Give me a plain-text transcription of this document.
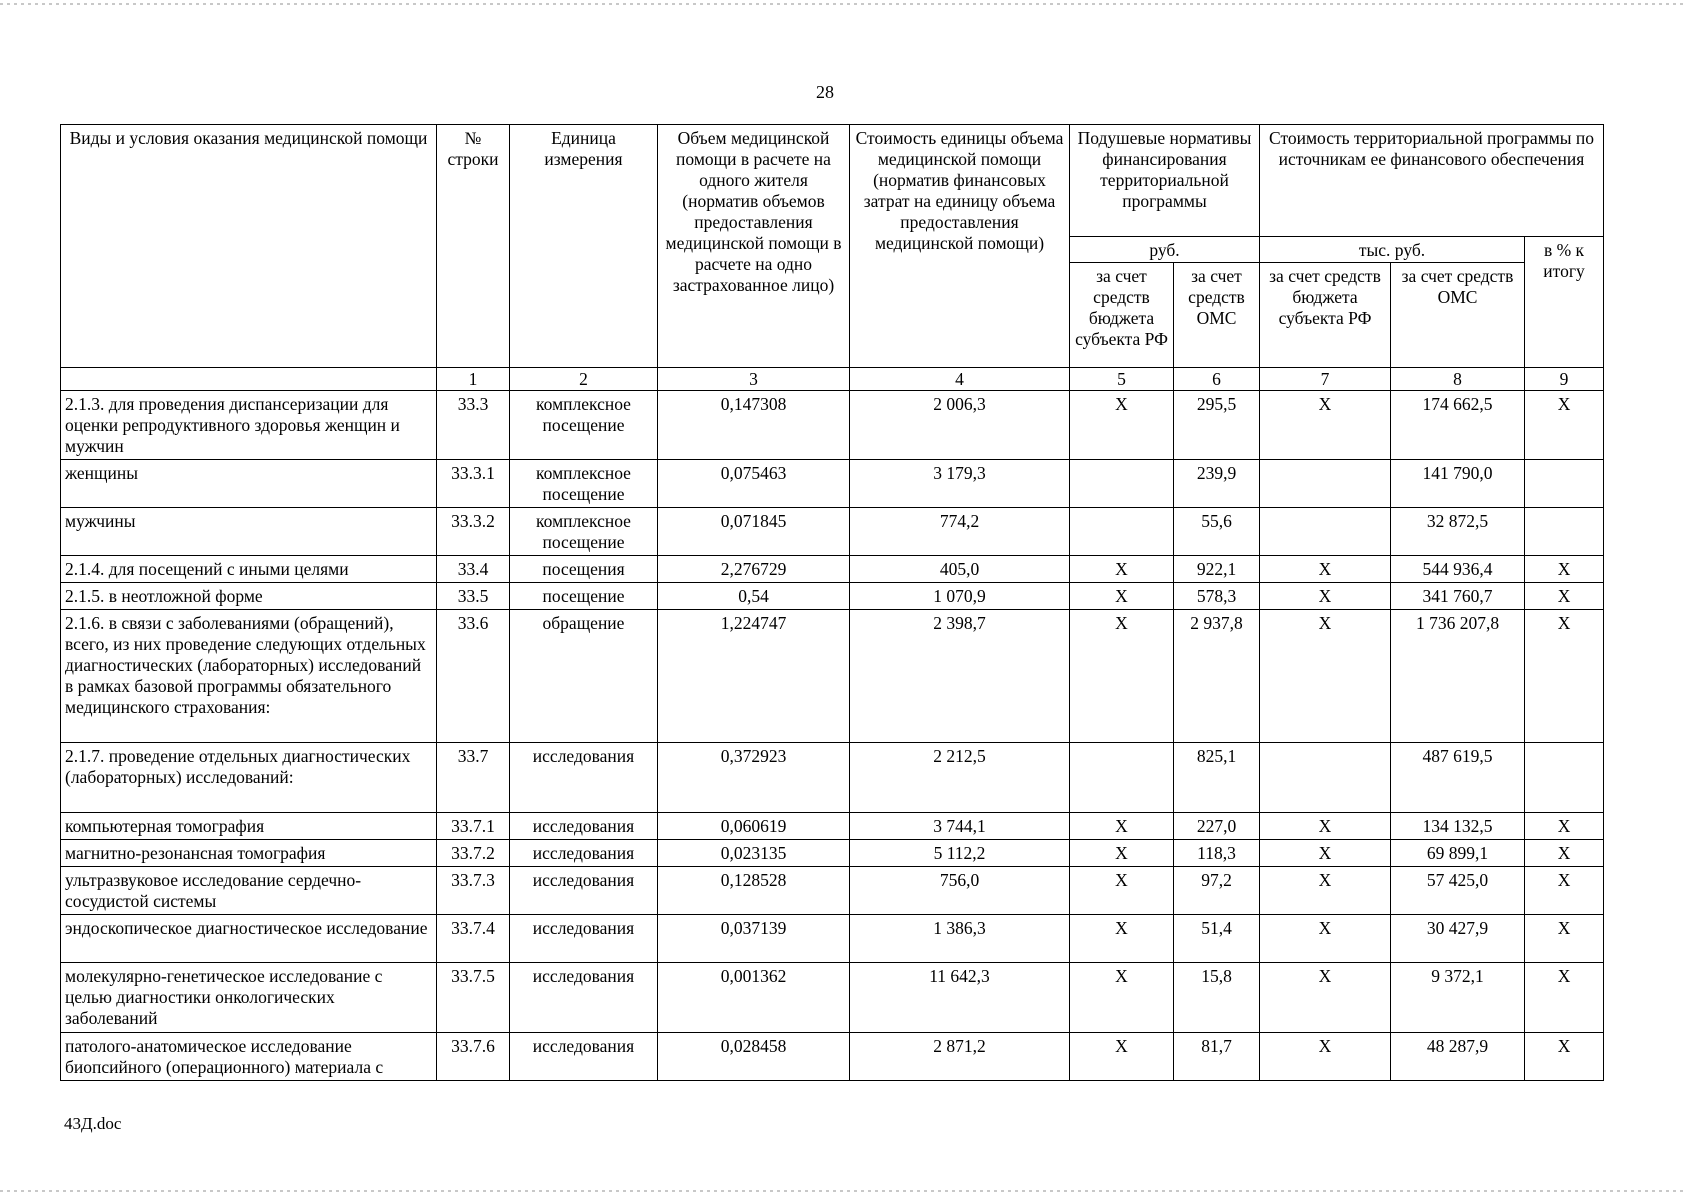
28
Виды и условия оказания медицинской помощи	№ строки	Единица измерения	Объем медицинской помощи в расчете на одного жителя (норматив объемов предоставления медицинской помощи в расчете на одно застрахованное лицо)	Стоимость единицы объема медицинской помощи (норматив финансовых затрат на единицу объема предоставления медицинской помощи)	Подушевые нормативы финансирования территориальной программы		Стоимость территориальной программы по источникам ее финансового обеспечения		
					руб.		тыс. руб.		в % к итогу
					за счет средств бюджета субъекта РФ	за счет средств ОМС	за счет средств бюджета субъекта РФ	за счет средств ОМС	
	1	2	3	4	5	6	7	8	9
2.1.3. для проведения диспансеризации для оценки репродуктивного здоровья женщин и мужчин	33.3	комплексное посещение	0,147308	2 006,3	X	295,5	X	174 662,5	X
женщины	33.3.1	комплексное посещение	0,075463	3 179,3		239,9		141 790,0	
мужчины	33.3.2	комплексное посещение	0,071845	774,2		55,6		32 872,5	
2.1.4. для посещений с иными целями	33.4	посещения	2,276729	405,0	X	922,1	X	544 936,4	X
2.1.5. в неотложной форме	33.5	посещение	0,54	1 070,9	X	578,3	X	341 760,7	X
2.1.6. в связи с заболеваниями (обращений), всего, из них проведение следующих отдельных диагностических (лабораторных) исследований в рамках базовой программы обязательного медицинского страхования:	33.6	обращение	1,224747	2 398,7	X	2 937,8	X	1 736 207,8	X
2.1.7. проведение отдельных диагностических (лабораторных) исследований:	33.7	исследования	0,372923	2 212,5		825,1		487 619,5	
компьютерная томография	33.7.1	исследования	0,060619	3 744,1	X	227,0	X	134 132,5	X
магнитно-резонансная томография	33.7.2	исследования	0,023135	5 112,2	X	118,3	X	69 899,1	X
ультразвуковое исследование сердечно-сосудистой системы	33.7.3	исследования	0,128528	756,0	X	97,2	X	57 425,0	X
эндоскопическое диагностическое исследование	33.7.4	исследования	0,037139	1 386,3	X	51,4	X	30 427,9	X
молекулярно-генетическое исследование с целью диагностики онкологических заболеваний	33.7.5	исследования	0,001362	11 642,3	X	15,8	X	9 372,1	X
патолого-анатомическое исследование биопсийного (операционного) материала с	33.7.6	исследования	0,028458	2 871,2	X	81,7	X	48 287,9	X
43Д.doc
